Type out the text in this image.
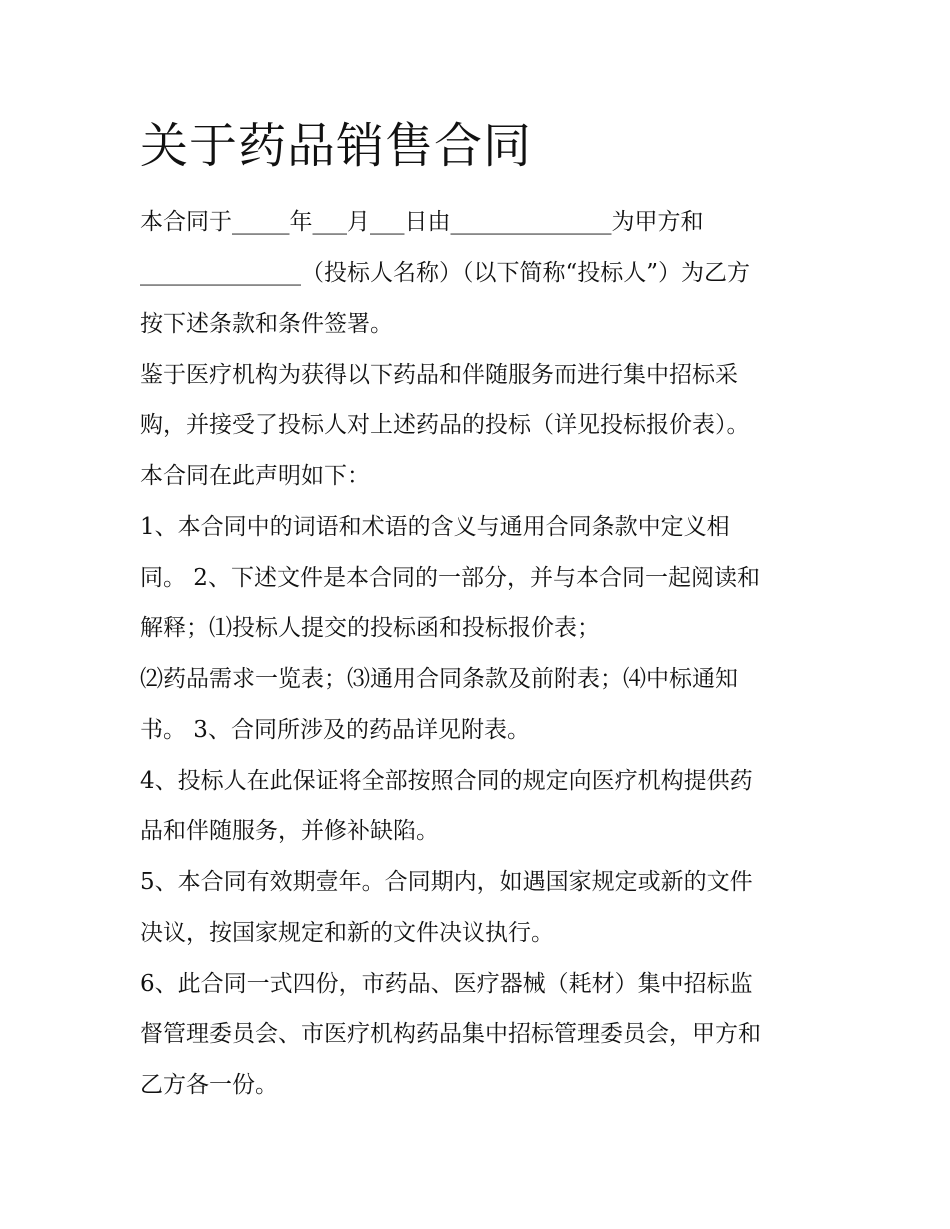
关于药品销售合同

本合同于_____年___月___日由______________为甲方和

______________（投标人名称）（以下简称“投标人”）为乙方

按下述条款和条件签署。

鉴于医疗机构为获得以下药品和伴随服务而进行集中招标采

购，并接受了投标人对上述药品的投标（详见投标报价表）。

本合同在此声明如下：

1、本合同中的词语和术语的含义与通用合同条款中定义相

同。 2、下述文件是本合同的一部分，并与本合同一起阅读和

解释；⑴投标人提交的投标函和投标报价表；

⑵药品需求一览表；⑶通用合同条款及前附表；⑷中标通知

书。 3、合同所涉及的药品详见附表。

4、投标人在此保证将全部按照合同的规定向医疗机构提供药

品和伴随服务，并修补缺陷。

5、本合同有效期壹年。合同期内，如遇国家规定或新的文件

决议，按国家规定和新的文件决议执行。

6、此合同一式四份，市药品、医疗器械（耗材）集中招标监

督管理委员会、市医疗机构药品集中招标管理委员会，甲方和

乙方各一份。
